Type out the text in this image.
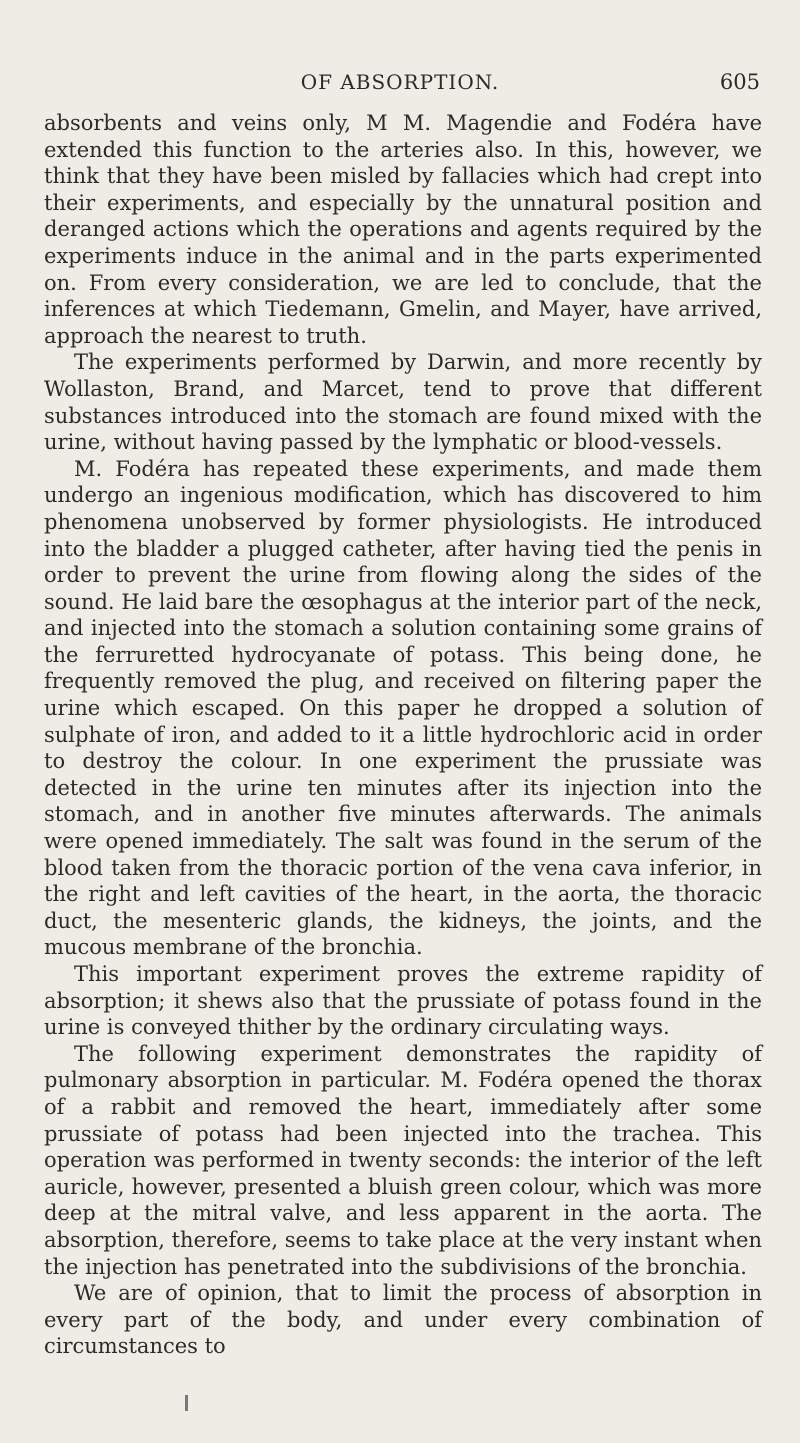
OF ABSORPTION.	605

absorbents and veins only, M M. Magendie and Fodéra have extended this function to the arteries also. In this, however, we think that they have been misled by fallacies which had crept into their experiments, and especially by the unnatural position and deranged actions which the operations and agents required by the experiments induce in the animal and in the parts experimented on. From every consideration, we are led to conclude, that the inferences at which Tiedemann, Gmelin, and Mayer, have arrived, approach the nearest to truth.

The experiments performed by Darwin, and more recently by Wollaston, Brand, and Marcet, tend to prove that different substances introduced into the stomach are found mixed with the urine, without having passed by the lymphatic or blood-vessels.

M. Fodéra has repeated these experiments, and made them undergo an ingenious modification, which has discovered to him phenomena unobserved by former physiologists. He introduced into the bladder a plugged catheter, after having tied the penis in order to prevent the urine from flowing along the sides of the sound. He laid bare the œsophagus at the interior part of the neck, and injected into the stomach a solution containing some grains of the ferruretted hydrocyanate of potass. This being done, he frequently removed the plug, and received on filtering paper the urine which escaped. On this paper he dropped a solution of sulphate of iron, and added to it a little hydrochloric acid in order to destroy the colour. In one experiment the prussiate was detected in the urine ten minutes after its injection into the stomach, and in another five minutes afterwards. The animals were opened immediately. The salt was found in the serum of the blood taken from the thoracic portion of the vena cava inferior, in the right and left cavities of the heart, in the aorta, the thoracic duct, the mesenteric glands, the kidneys, the joints, and the mucous membrane of the bronchia.

This important experiment proves the extreme rapidity of absorption; it shews also that the prussiate of potass found in the urine is conveyed thither by the ordinary circulating ways.

The following experiment demonstrates the rapidity of pulmonary absorption in particular. M. Fodéra opened the thorax of a rabbit and removed the heart, immediately after some prussiate of potass had been injected into the trachea. This operation was performed in twenty seconds: the interior of the left auricle, however, presented a bluish green colour, which was more deep at the mitral valve, and less apparent in the aorta. The absorption, therefore, seems to take place at the very instant when the injection has penetrated into the subdivisions of the bronchia.

We are of opinion, that to limit the process of absorption in every part of the body, and under every combination of circumstances to
